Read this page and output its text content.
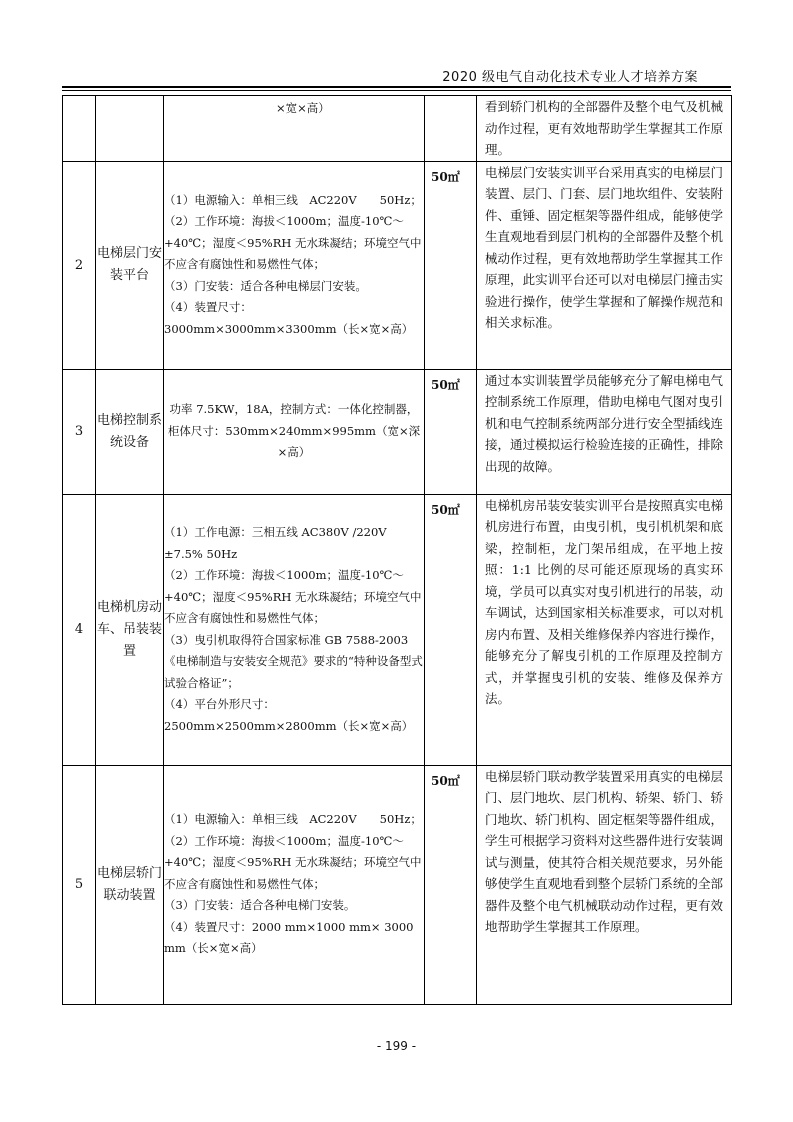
2020 级电气自动化技术专业人才培养方案

		×宽×高）		看到轿门机构的全部器件及整个电气及机械动作过程，更有效地帮助学生掌握其工作原理。
2	电梯层门安装平台	（1）电源输入：单相三线　AC220V　　50Hz；
（2）工作环境：海拔＜1000m；温度-10℃～+40℃；湿度＜95%RH 无水珠凝结；环境空气中不应含有腐蚀性和易燃性气体；
（3）门安装：适合各种电梯层门安装。
（4）装置尺寸：3000mm×3000mm×3300mm（长×宽×高）	50㎡	电梯层门安装实训平台采用真实的电梯层门装置、层门、门套、层门地坎组件、安装附件、重锤、固定框架等器件组成，能够使学生直观地看到层门机构的全部器件及整个机械动作过程，更有效地帮助学生掌握其工作原理，此实训平台还可以对电梯层门撞击实验进行操作，使学生掌握和了解操作规范和相关求标准。
3	电梯控制系统设备	功率 7.5KW，18A，控制方式：一体化控制器，柜体尺寸：530mm×240mm×995mm（宽×深×高）	50㎡	通过本实训装置学员能够充分了解电梯电气控制系统工作原理，借助电梯电气图对曳引机和电气控制系统两部分进行安全型插线连接，通过模拟运行检验连接的正确性，排除出现的故障。
4	电梯机房动车、吊装装置	（1）工作电源：三相五线 AC380V /220V ±7.5% 50Hz
（2）工作环境：海拔＜1000m；温度-10℃～+40℃；湿度＜95%RH 无水珠凝结；环境空气中不应含有腐蚀性和易燃性气体；
（3）曳引机取得符合国家标准 GB 7588-2003《电梯制造与安装安全规范》要求的“特种设备型式试验合格证”；
（4）平台外形尺寸：2500mm×2500mm×2800mm（长×宽×高）	50㎡	电梯机房吊装安装实训平台是按照真实电梯机房进行布置，由曳引机，曳引机机架和底梁，控制柜，龙门架吊组成，在平地上按照：1:1 比例的尽可能还原现场的真实环境，学员可以真实对曳引机进行的吊装，动车调试，达到国家相关标准要求，可以对机房内布置、及相关维修保养内容进行操作，能够充分了解曳引机的工作原理及控制方式，并掌握曳引机的安装、维修及保养方法。
5	电梯层轿门联动装置	（1）电源输入：单相三线　AC220V　　50Hz；
（2）工作环境：海拔＜1000m；温度-10℃～+40℃；湿度＜95%RH 无水珠凝结；环境空气中不应含有腐蚀性和易燃性气体；
（3）门安装：适合各种电梯门安装。
（4）装置尺寸：2000 mm×1000 mm× 3000 mm（长×宽×高）	50㎡	电梯层轿门联动教学装置采用真实的电梯层门、层门地坎、层门机构、轿架、轿门、轿门地坎、轿门机构、固定框架等器件组成，学生可根据学习资料对这些器件进行安装调试与测量，使其符合相关规范要求，另外能够使学生直观地看到整个层轿门系统的全部器件及整个电气机械联动动作过程，更有效地帮助学生掌握其工作原理。
- 199 -
